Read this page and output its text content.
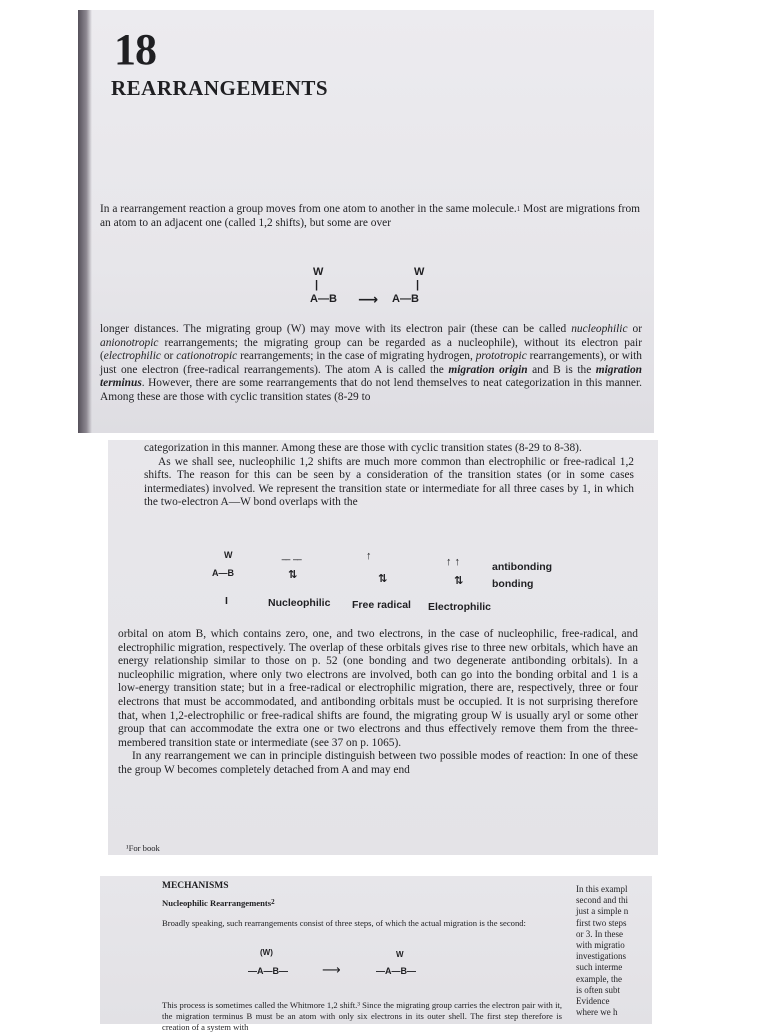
18
REARRANGEMENTS

In a rearrangement reaction a group moves from one atom to another in the same molecule.$^1$ Most are migrations from an atom to an adjacent one (called 1,2 shifts), but some are over

W
|
A—B ⟶
W
|
A—B

longer distances. The migrating group (W) may move with its electron pair (these can be called nucleophilic or anionotropic rearrangements; the migrating group can be regarded as a nucleophile), without its electron pair (electrophilic or cationotropic rearrangements; in the case of migrating hydrogen, prototropic rearrangements), or with just one electron (free-radical rearrangements). The atom A is called the migration origin and B is the migration terminus. However, there are some rearrangements that do not lend themselves to neat categorization in this manner. Among these are those with cyclic transition states (8-29 to

categorization in this manner. Among these are those with cyclic transition states (8-29 to 8-38).

As we shall see, nucleophilic 1,2 shifts are much more common than electrophilic or free-radical 1,2 shifts. The reason for this can be seen by a consideration of the transition states (or in some cases intermediates) involved. We represent the transition state or intermediate for all three cases by 1, in which the two-electron A—W bond overlaps with the

W
A—B
I
‾‾ ‾‾
⇅
↑
⇅
↑ ↑
⇅
antibonding
bonding
Nucleophilic Free radical Electrophilic

orbital on atom B, which contains zero, one, and two electrons, in the case of nucleophilic, free-radical, and electrophilic migration, respectively. The overlap of these orbitals gives rise to three new orbitals, which have an energy relationship similar to those on p. 52 (one bonding and two degenerate antibonding orbitals). In a nucleophilic migration, where only two electrons are involved, both can go into the bonding orbital and 1 is a low-energy transition state; but in a free-radical or electrophilic migration, there are, respectively, three or four electrons that must be accommodated, and antibonding orbitals must be occupied. It is not surprising therefore that, when 1,2-electrophilic or free-radical shifts are found, the migrating group W is usually aryl or some other group that can accommodate the extra one or two electrons and thus effectively remove them from the three-membered transition state or intermediate (see 37 on p. 1065).

In any rearrangement we can in principle distinguish between two possible modes of reaction: In one of these the group W becomes completely detached from A and may end

¹For book
MECHANISMS
Nucleophilic Rearrangements$^2$
Broadly speaking, such rearrangements consist of three steps, of which the actual migration is the second:
(W)
—A—B—	⟶
W
—A—B—

This process is sometimes called the Whitmore 1,2 shift.³ Since the migrating group carries the electron pair with it, the migration terminus B must be an atom with only six electrons in its outer shell. The first step therefore is creation of a system with

In this exampl
second and thi
just a simple n
first two steps
or 3. In these
with migratio
investigations
such interme
example, the
is often subt
Evidence
where we h
